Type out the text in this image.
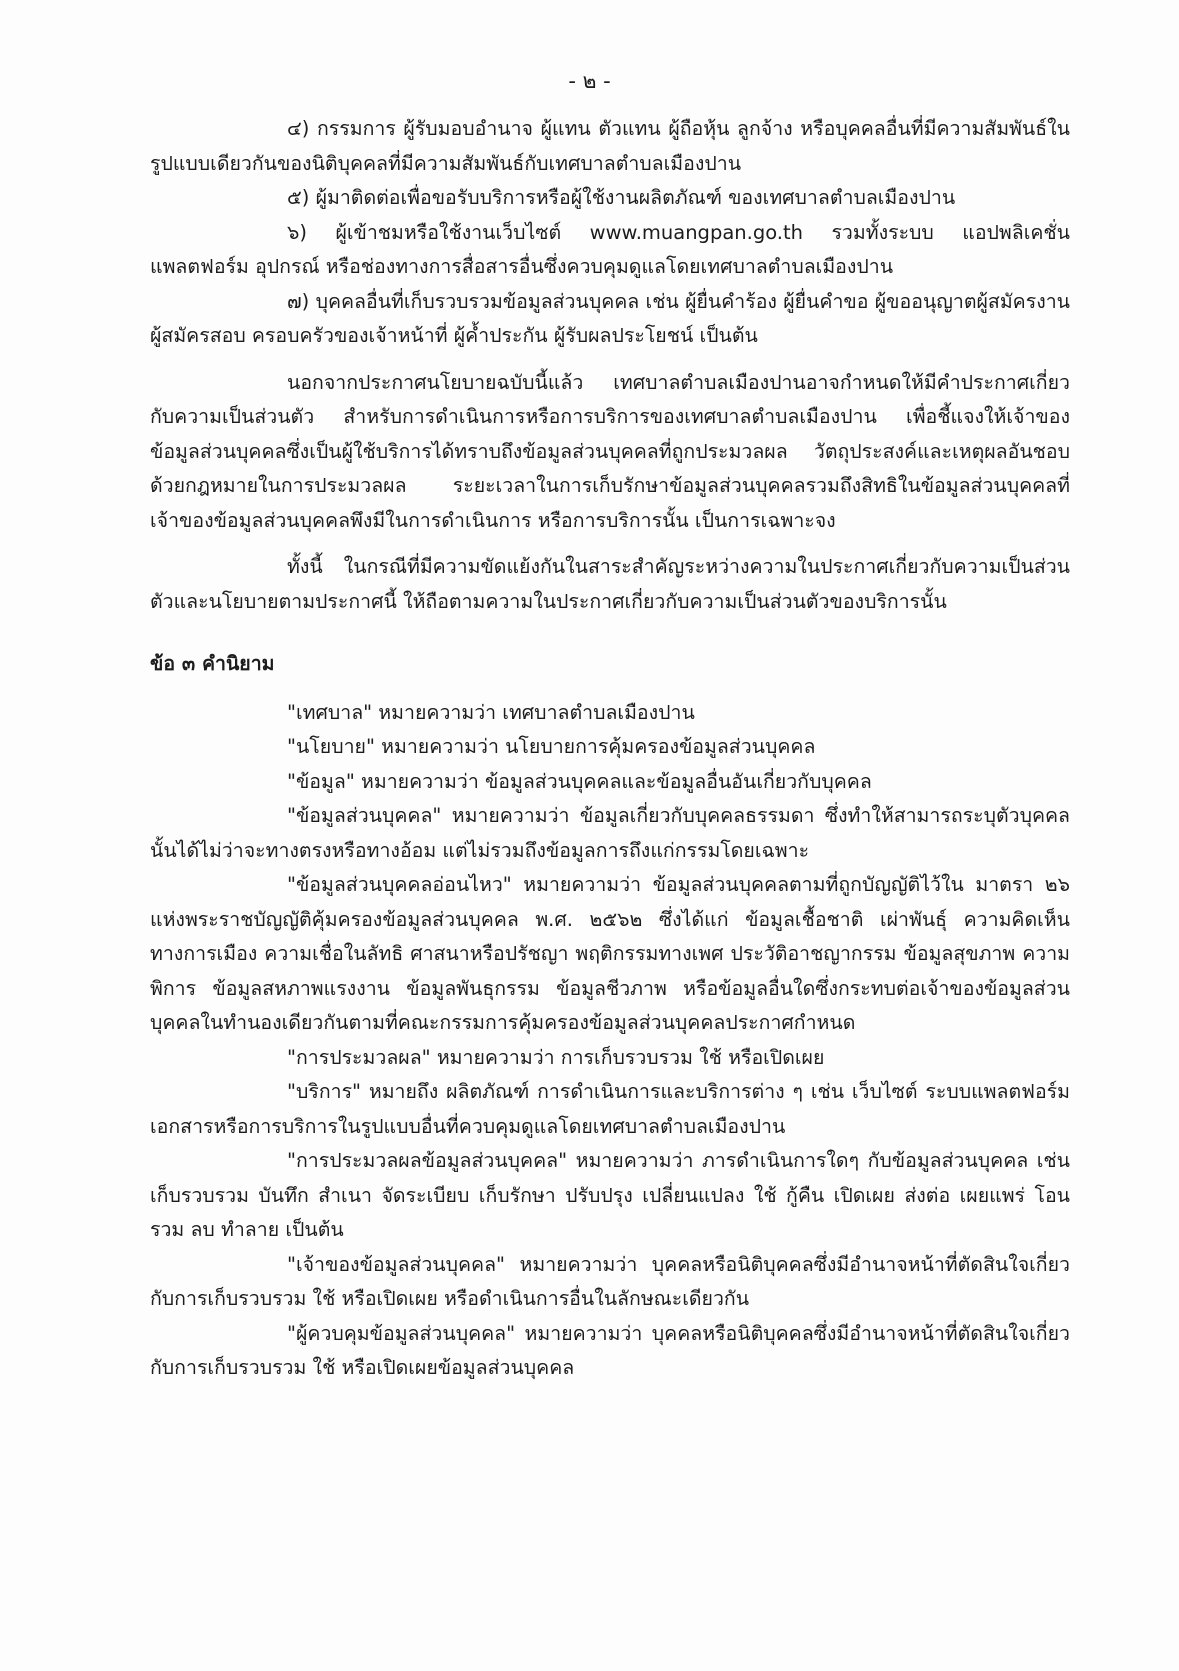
- ๒ -

๔) กรรมการ ผู้รับมอบอำนาจ ผู้แทน ตัวแทน ผู้ถือหุ้น ลูกจ้าง หรือบุคคลอื่นที่มีความสัมพันธ์ในรูปแบบเดียวกันของนิติบุคคลที่มีความสัมพันธ์กับเทศบาลตำบลเมืองปาน

๕) ผู้มาติดต่อเพื่อขอรับบริการหรือผู้ใช้งานผลิตภัณฑ์ ของเทศบาลตำบลเมืองปาน

๖) ผู้เข้าชมหรือใช้งานเว็บไซต์ www.muangpan.go.th รวมทั้งระบบ แอปพลิเคชั่น แพลตฟอร์ม อุปกรณ์ หรือช่องทางการสื่อสารอื่นซึ่งควบคุมดูแลโดยเทศบาลตำบลเมืองปาน

๗) บุคคลอื่นที่เก็บรวบรวมข้อมูลส่วนบุคคล เช่น ผู้ยื่นคำร้อง ผู้ยื่นคำขอ ผู้ขออนุญาตผู้สมัครงาน ผู้สมัครสอบ ครอบครัวของเจ้าหน้าที่ ผู้ค้ำประกัน ผู้รับผลประโยชน์ เป็นต้น

นอกจากประกาศนโยบายฉบับนี้แล้ว เทศบาลตำบลเมืองปานอาจกำหนดให้มีคำประกาศเกี่ยวกับความเป็นส่วนตัว สำหรับการดำเนินการหรือการบริการของเทศบาลตำบลเมืองปาน เพื่อชี้แจงให้เจ้าของข้อมูลส่วนบุคคลซึ่งเป็นผู้ใช้บริการได้ทราบถึงข้อมูลส่วนบุคคลที่ถูกประมวลผล วัตถุประสงค์และเหตุผลอันชอบด้วยกฎหมายในการประมวลผล ระยะเวลาในการเก็บรักษาข้อมูลส่วนบุคคลรวมถึงสิทธิในข้อมูลส่วนบุคคลที่เจ้าของข้อมูลส่วนบุคคลพึงมีในการดำเนินการ หรือการบริการนั้น เป็นการเฉพาะจง

ทั้งนี้ ในกรณีที่มีความขัดแย้งกันในสาระสำคัญระหว่างความในประกาศเกี่ยวกับความเป็นส่วนตัวและนโยบายตามประกาศนี้ ให้ถือตามความในประกาศเกี่ยวกับความเป็นส่วนตัวของบริการนั้น

ข้อ ๓ คำนิยาม

"เทศบาล" หมายความว่า เทศบาลตำบลเมืองปาน

"นโยบาย" หมายความว่า นโยบายการคุ้มครองข้อมูลส่วนบุคคล

"ข้อมูล" หมายความว่า ข้อมูลส่วนบุคคลและข้อมูลอื่นอันเกี่ยวกับบุคคล

"ข้อมูลส่วนบุคคล" หมายความว่า ข้อมูลเกี่ยวกับบุคคลธรรมดา ซึ่งทำให้สามารถระบุตัวบุคคลนั้นได้ไม่ว่าจะทางตรงหรือทางอ้อม แต่ไม่รวมถึงข้อมูลการถึงแก่กรรมโดยเฉพาะ

"ข้อมูลส่วนบุคคลอ่อนไหว" หมายความว่า ข้อมูลส่วนบุคคลตามที่ถูกบัญญัติไว้ใน มาตรา ๒๖ แห่งพระราชบัญญัติคุ้มครองข้อมูลส่วนบุคคล พ.ศ. ๒๕๖๒ ซึ่งได้แก่ ข้อมูลเชื้อชาติ เผ่าพันธุ์ ความคิดเห็นทางการเมือง ความเชื่อในลัทธิ ศาสนาหรือปรัชญา พฤติกรรมทางเพศ ประวัติอาชญากรรม ข้อมูลสุขภาพ ความพิการ ข้อมูลสหภาพแรงงาน ข้อมูลพันธุกรรม ข้อมูลชีวภาพ หรือข้อมูลอื่นใดซึ่งกระทบต่อเจ้าของข้อมูลส่วนบุคคลในทำนองเดียวกันตามที่คณะกรรมการคุ้มครองข้อมูลส่วนบุคคลประกาศกำหนด

"การประมวลผล" หมายความว่า การเก็บรวบรวม ใช้ หรือเปิดเผย

"บริการ" หมายถึง ผลิตภัณฑ์ การดำเนินการและบริการต่าง ๆ เช่น เว็บไซต์ ระบบแพลตฟอร์ม เอกสารหรือการบริการในรูปแบบอื่นที่ควบคุมดูแลโดยเทศบาลตำบลเมืองปาน

"การประมวลผลข้อมูลส่วนบุคคล" หมายความว่า ภารดำเนินการใดๆ กับข้อมูลส่วนบุคคล เช่น เก็บรวบรวม บันทึก สำเนา จัดระเบียบ เก็บรักษา ปรับปรุง เปลี่ยนแปลง ใช้ กู้คืน เปิดเผย ส่งต่อ เผยแพร่ โอน รวม ลบ ทำลาย เป็นต้น

"เจ้าของข้อมูลส่วนบุคคล" หมายความว่า บุคคลหรือนิติบุคคลซึ่งมีอำนาจหน้าที่ตัดสินใจเกี่ยวกับการเก็บรวบรวม ใช้ หรือเปิดเผย หรือดำเนินการอื่นในลักษณะเดียวกัน

"ผู้ควบคุมข้อมูลส่วนบุคคล" หมายความว่า บุคคลหรือนิติบุคคลซึ่งมีอำนาจหน้าที่ตัดสินใจเกี่ยวกับการเก็บรวบรวม ใช้ หรือเปิดเผยข้อมูลส่วนบุคคล
